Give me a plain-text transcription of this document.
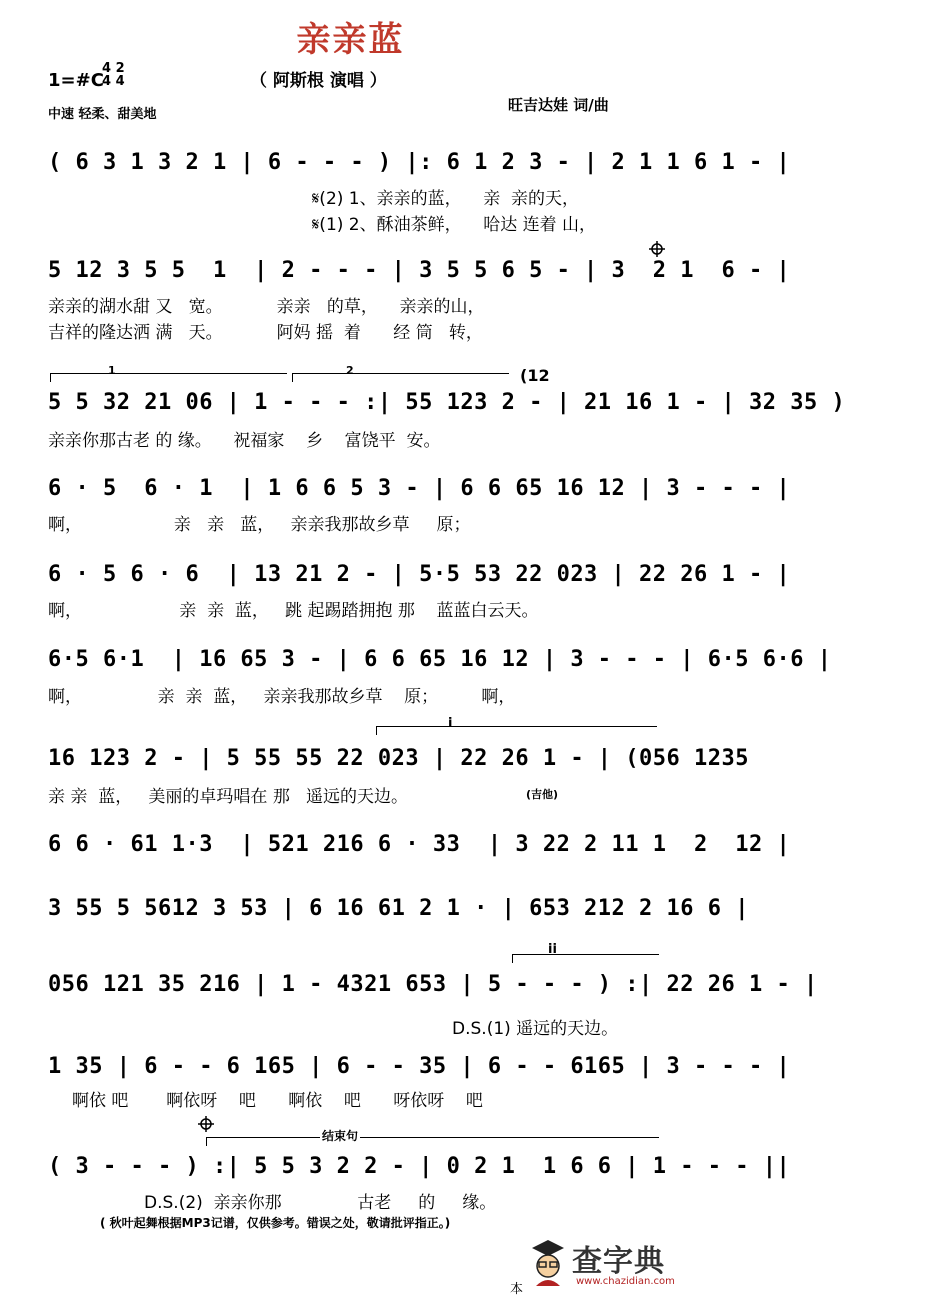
亲亲蓝
（ 阿斯根 演唱 ）
1=#C
4 2
4 4
中速 轻柔、甜美地
旺吉达娃 词/曲
( 6 3 1 3 2 1 | 6 - - - ) |: 6 1 2 3 - | 2 1 1 6 1 - |
𝄋(2) 1、亲亲的蓝，    亲  亲的天，
𝄋(1) 2、酥油茶鲜，    哈达 连着 山，
5 12 3 5 5  1  | 2 - - - | 3 5 5 6 5 - | 3  2 1  6 - |
亲亲的湖水甜 又   宽。          亲亲   的草，    亲亲的山，
吉祥的隆达洒 满   天。          阿妈 摇  着      经 筒   转，
1	2	(12
5 5 32 21 06 | 1 - - - :| 55 123 2 - | 21 16 1 - | 32 35 )
亲亲你那古老 的 缘。    祝福家    乡    富饶平  安。
6 · 5  6 · 1  | 1 6 6 5 3 - | 6 6 65 16 12 | 3 - - - |
啊，                 亲   亲   蓝，   亲亲我那故乡草     原；
6 · 5 6 · 6  | 13 21 2 - | 5·5 53 22 023 | 22 26 1 - |
啊，                  亲  亲  蓝，   跳 起踢踏拥抱 那    蓝蓝白云天。
6·5 6·1  | 16 65 3 - | 6 6 65 16 12 | 3 - - - | 6·5 6·6 |
啊，              亲  亲  蓝，   亲亲我那故乡草    原；        啊，
i
16 123 2 - | 5 55 55 22 023 | 22 26 1 - | (056 1235
亲 亲  蓝，   美丽的卓玛唱在 那   遥远的天边。	(吉他)
6 6 · 61 1·3  | 521 216 6 · 33  | 3 22 2 11 1  2  12 |
3 55 5 5612 3 53 | 6 16 61 2 1 · | 653 212 2 16 6 |
ii
056 121 35 216 | 1 - 4321 653 | 5 - - - ) :| 22 26 1 - |
D.S.(1) 遥远的天边。
1 35 | 6 - - 6 165 | 6 - - 35 | 6 - - 6165 | 3 - - - |
啊依 吧       啊依呀    吧      啊依    吧      呀依呀    吧
结束句
( 3 - - - ) :| 5 5 3 2 2 - | 0 2 1  1 6 6 | 1 - - - ||
D.S.(2)  亲亲你那              古老     的     缘。
( 秋叶起舞根据MP3记谱，仅供参考。错误之处，敬请批评指正。)
查字典
www.chazidian.com
本
